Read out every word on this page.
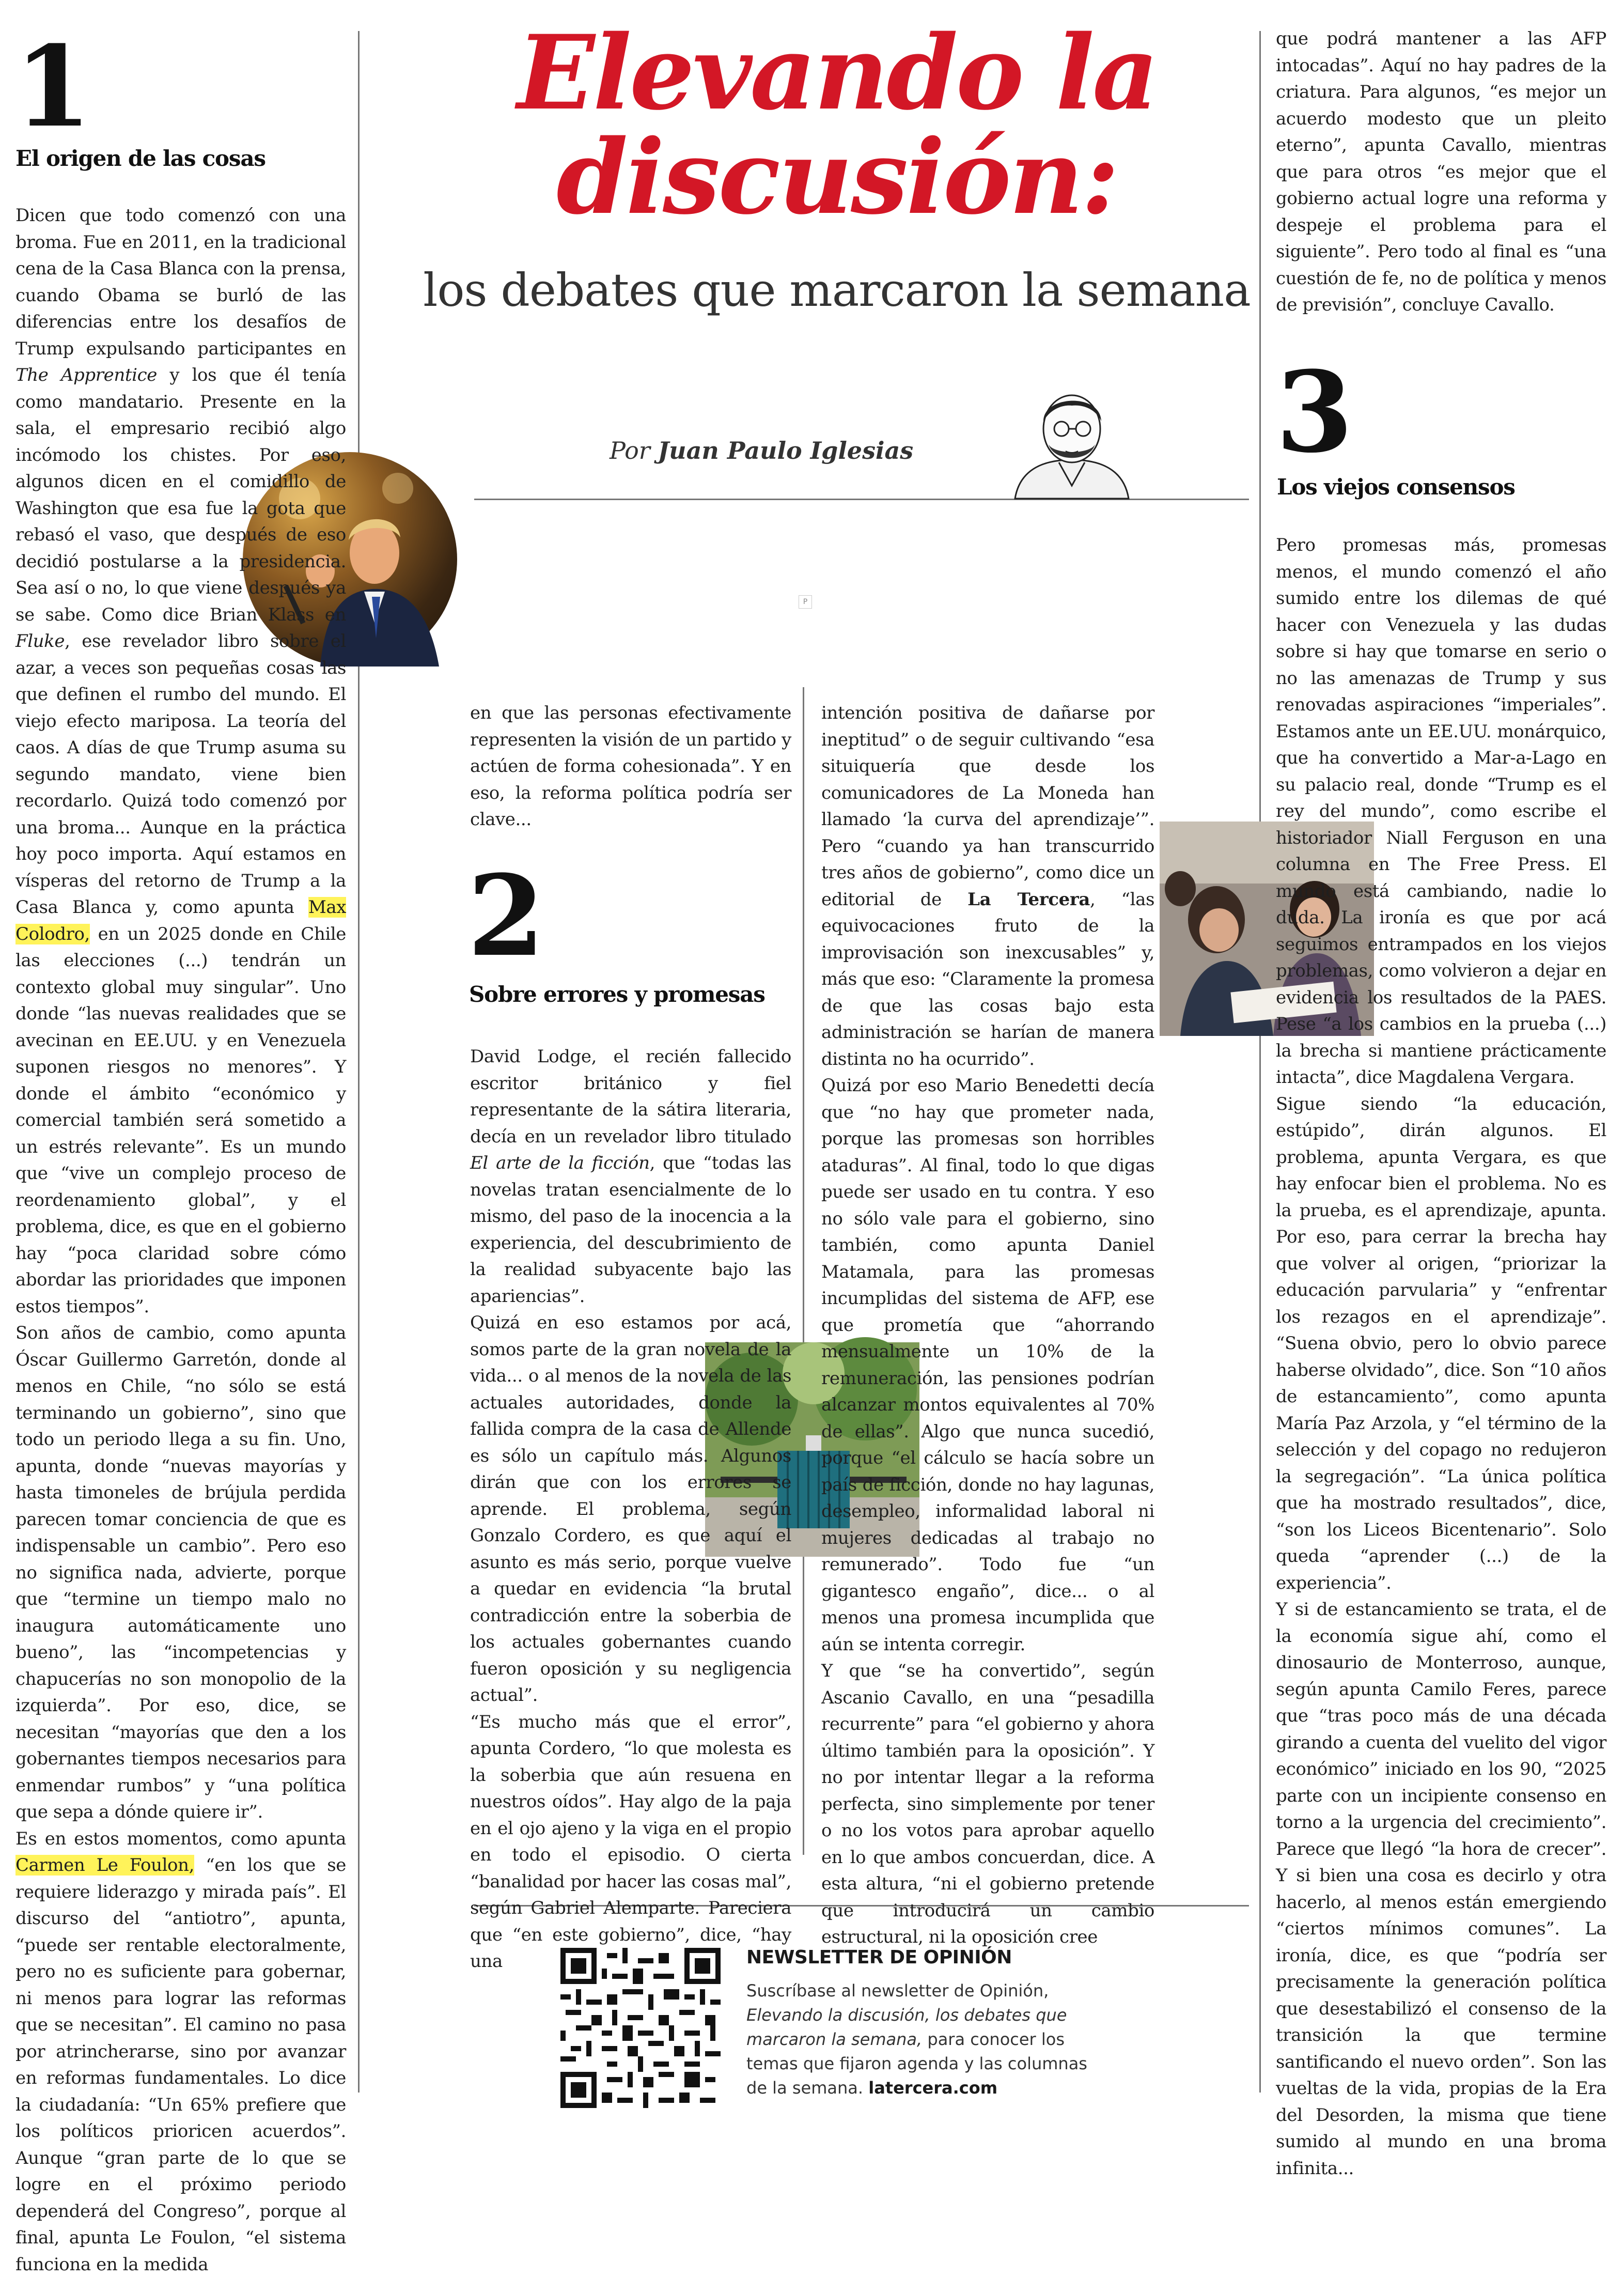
Elevando la discusión:
los debates que marcaron la semana
Por Juan Paulo Iglesias
P
1
El origen de las cosas

Dicen que todo comenzó con una broma. Fue en 2011, en la tradicional cena de la Casa Blanca con la prensa, cuando Obama se burló de las diferencias entre los desafíos de Trump expulsando participantes en The Apprentice y los que él tenía como mandatario. Presente en la sala, el empresario recibió algo incómodo los chistes. Por eso, algunos dicen en el comidillo de Washington que esa fue la gota que rebasó el vaso, que después de eso decidió postularse a la presidencia. Sea así o no, lo que viene después ya se sabe. Como dice Brian Klass en Fluke, ese revelador libro sobre el azar, a veces son pequeñas cosas las que definen el rumbo del mundo. El viejo efecto mariposa. La teoría del caos. A días de que Trump asuma su segundo mandato, viene bien recordarlo. Quizá todo comenzó por una broma... Aunque en la práctica hoy poco importa. Aquí estamos en vísperas del retorno de Trump a la Casa Blanca y, como apunta Max Colodro, en un 2025 donde en Chile las elecciones (...) tendrán un contexto global muy singular”. Uno donde “las nuevas realidades que se avecinan en EE.UU. y en Venezuela suponen riesgos no menores”. Y donde el ámbito “económico y comercial también será sometido a un estrés relevante”. Es un mundo que “vive un complejo proceso de reordenamiento global”, y el problema, dice, es que en el gobierno hay “poca claridad sobre cómo abordar las prioridades que imponen estos tiempos”.

Son años de cambio, como apunta Óscar Guillermo Garretón, donde al menos en Chile, “no sólo se está terminando un gobierno”, sino que todo un periodo llega a su fin. Uno, apunta, donde “nuevas mayorías y hasta timoneles de brújula perdida parecen tomar conciencia de que es indispensable un cambio”. Pero eso no significa nada, advierte, porque que “termine un tiempo malo no inaugura automáticamente uno bueno”, las “incompetencias y chapucerías no son monopolio de la izquierda”. Por eso, dice, se necesitan “mayorías que den a los gobernantes tiempos necesarios para enmendar rumbos” y “una política que sepa a dónde quiere ir”.

Es en estos momentos, como apunta Carmen Le Foulon, “en los que se requiere liderazgo y mirada país”. El discurso del “antiotro”, apunta, “puede ser rentable electoralmente, pero no es suficiente para gobernar, ni menos para lograr las reformas que se necesitan”. El camino no pasa por atrincherarse, sino por avanzar en reformas fundamentales. Lo dice la ciudadanía: “Un 65% prefiere que los políticos prioricen acuerdos”. Aunque “gran parte de lo que se logre en el próximo periodo dependerá del Congreso”, porque al final, apunta Le Foulon, “el sistema funciona en la medida

en que las personas efectivamente representen la visión de un partido y actúen de forma cohesionada”. Y en eso, la reforma política podría ser clave...

2
Sobre errores y promesas

David Lodge, el recién fallecido escritor británico y fiel representante de la sátira literaria, decía en un revelador libro titulado El arte de la ficción, que “todas las novelas tratan esencialmente de lo mismo, del paso de la inocencia a la experiencia, del descubrimiento de la realidad subyacente bajo las apariencias”.

Quizá en eso estamos por acá, somos parte de la gran novela de la vida... o al menos de la novela de las actuales autoridades, donde la fallida compra de la casa de Allende es sólo un capítulo más. Algunos dirán que con los errores se aprende. El problema, según Gonzalo Cordero, es que aquí el asunto es más serio, porque vuelve a quedar en evidencia “la brutal contradicción entre la soberbia de los actuales gobernantes cuando fueron oposición y su negligencia actual”.

“Es mucho más que el error”, apunta Cordero, “lo que molesta es la soberbia que aún resuena en nuestros oídos”. Hay algo de la paja en el ojo ajeno y la viga en el propio en todo el episodio. O cierta “banalidad por hacer las cosas mal”, según Gabriel Alemparte. Pareciera que “en este gobierno”, dice, “hay una

intención positiva de dañarse por ineptitud” o de seguir cultivando “esa situiquería que desde los comunicadores de La Moneda han llamado ‘la curva del aprendizaje’”. Pero “cuando ya han transcurrido tres años de gobierno”, como dice un editorial de La Tercera, “las equivocaciones fruto de la improvisación son inexcusables” y, más que eso: “Claramente la promesa de que las cosas bajo esta administración se harían de manera distinta no ha ocurrido”.

Quizá por eso Mario Benedetti decía que “no hay que prometer nada, porque las promesas son horribles ataduras”. Al final, todo lo que digas puede ser usado en tu contra. Y eso no sólo vale para el gobierno, sino también, como apunta Daniel Matamala, para las promesas incumplidas del sistema de AFP, ese que prometía que “ahorrando mensualmente un 10% de la remuneración, las pensiones podrían alcanzar montos equivalentes al 70% de ellas”. Algo que nunca sucedió, porque “el cálculo se hacía sobre un país de ficción, donde no hay lagunas, desempleo, informalidad laboral ni mujeres dedicadas al trabajo no remunerado”. Todo fue “un gigantesco engaño”, dice... o al menos una promesa incumplida que aún se intenta corregir.

Y que “se ha convertido”, según Ascanio Cavallo, en una “pesadilla recurrente” para “el gobierno y ahora último también para la oposición”. Y no por intentar llegar a la reforma perfecta, sino simplemente por tener o no los votos para aprobar aquello en lo que ambos concuerdan, dice. A esta altura, “ni el gobierno pretende que introducirá un cambio estructural, ni la oposición cree

que podrá mantener a las AFP intocadas”. Aquí no hay padres de la criatura. Para algunos, “es mejor un acuerdo modesto que un pleito eterno”, apunta Cavallo, mientras que para otros “es mejor que el gobierno actual logre una reforma y despeje el problema para el siguiente”. Pero todo al final es “una cuestión de fe, no de política y menos de previsión”, concluye Cavallo.

3
Los viejos consensos

Pero promesas más, promesas menos, el mundo comenzó el año sumido entre los dilemas de qué hacer con Venezuela y las dudas sobre si hay que tomarse en serio o no las amenazas de Trump y sus renovadas aspiraciones “imperiales”. Estamos ante un EE.UU. monárquico, que ha convertido a Mar-a-Lago en su palacio real, donde “Trump es el rey del mundo”, como escribe el historiador Niall Ferguson en una columna en The Free Press. El mundo está cambiando, nadie lo duda. La ironía es que por acá seguimos entrampados en los viejos problemas, como volvieron a dejar en evidencia los resultados de la PAES. Pese “a los cambios en la prueba (...) la brecha si mantiene prácticamente intacta”, dice Magdalena Vergara.

Sigue siendo “la educación, estúpido”, dirán algunos. El problema, apunta Vergara, es que hay enfocar bien el problema. No es la prueba, es el aprendizaje, apunta. Por eso, para cerrar la brecha hay que volver al origen, “priorizar la educación parvularia” y “enfrentar los rezagos en el aprendizaje”. “Suena obvio, pero lo obvio parece haberse olvidado”, dice. Son “10 años de estancamiento”, como apunta María Paz Arzola, y “el término de la selección y del copago no redujeron la segregación”. “La única política que ha mostrado resultados”, dice, “son los Liceos Bicentenario”. Solo queda “aprender (...) de la experiencia”.

Y si de estancamiento se trata, el de la economía sigue ahí, como el dinosaurio de Monterroso, aunque, según apunta Camilo Feres, parece que “tras poco más de una década girando a cuenta del vuelito del vigor económico” iniciado en los 90, “2025 parte con un incipiente consenso en torno a la urgencia del crecimiento”. Parece que llegó “la hora de crecer”. Y si bien una cosa es decirlo y otra hacerlo, al menos están emergiendo “ciertos mínimos comunes”. La ironía, dice, es que “podría ser precisamente la generación política que desestabilizó el consenso de la transición la que termine santificando el nuevo orden”. Son las vueltas de la vida, propias de la Era del Desorden, la misma que tiene sumido al mundo en una broma infinita...

NEWSLETTER DE OPINIÓN
Suscríbase al newsletter de Opinión, Elevando la discusión, los debates que marcaron la semana, para conocer los temas que fijaron agenda y las columnas de la semana. latercera.com
